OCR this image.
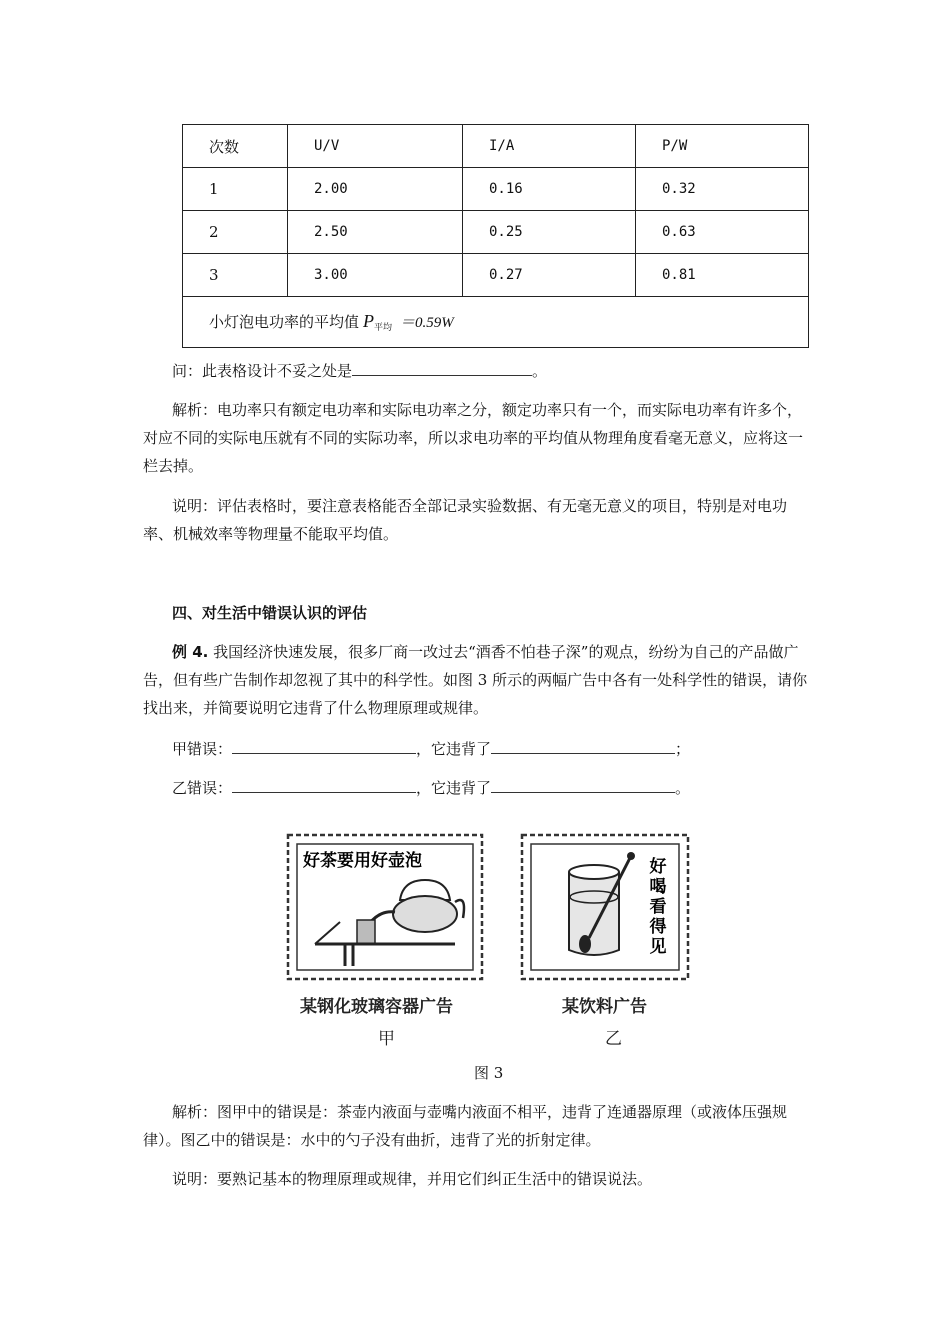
次数	U/V	I/A	P/W
1	2.00	0.16	0.32
2	2.50	0.25	0.63
3	3.00	0.27	0.81
小灯泡电功率的平均值 $P_{平均} =0.59W$			
问：此表格设计不妥之处是	。
解析：电功率只有额定电功率和实际电功率之分，额定功率只有一个，而实际电功率有许多个，对应不同的实际电压就有不同的实际功率，所以求电功率的平均值从物理角度看毫无意义，应将这一栏去掉。
说明：评估表格时，要注意表格能否全部记录实验数据、有无毫无意义的项目，特别是对电功率、机械效率等物理量不能取平均值。
四、对生活中错误认识的评估
例 4. 我国经济快速发展，很多厂商一改过去“酒香不怕巷子深”的观点，纷纷为自己的产品做广告，但有些广告制作却忽视了其中的科学性。如图 3 所示的两幅广告中各有一处科学性的错误，请你找出来，并简要说明它违背了什么物理原理或规律。
甲错误：	，它违背了	；
乙错误：	，它违背了	。
好茶要用好壶泡	好
喝
看
得
见
某钢化玻璃容器广告
甲
某饮料广告
乙
图 3
解析：图甲中的错误是：茶壶内液面与壶嘴内液面不相平，违背了连通器原理（或液体压强规律）。图乙中的错误是：水中的勺子没有曲折，违背了光的折射定律。
说明：要熟记基本的物理原理或规律，并用它们纠正生活中的错误说法。
